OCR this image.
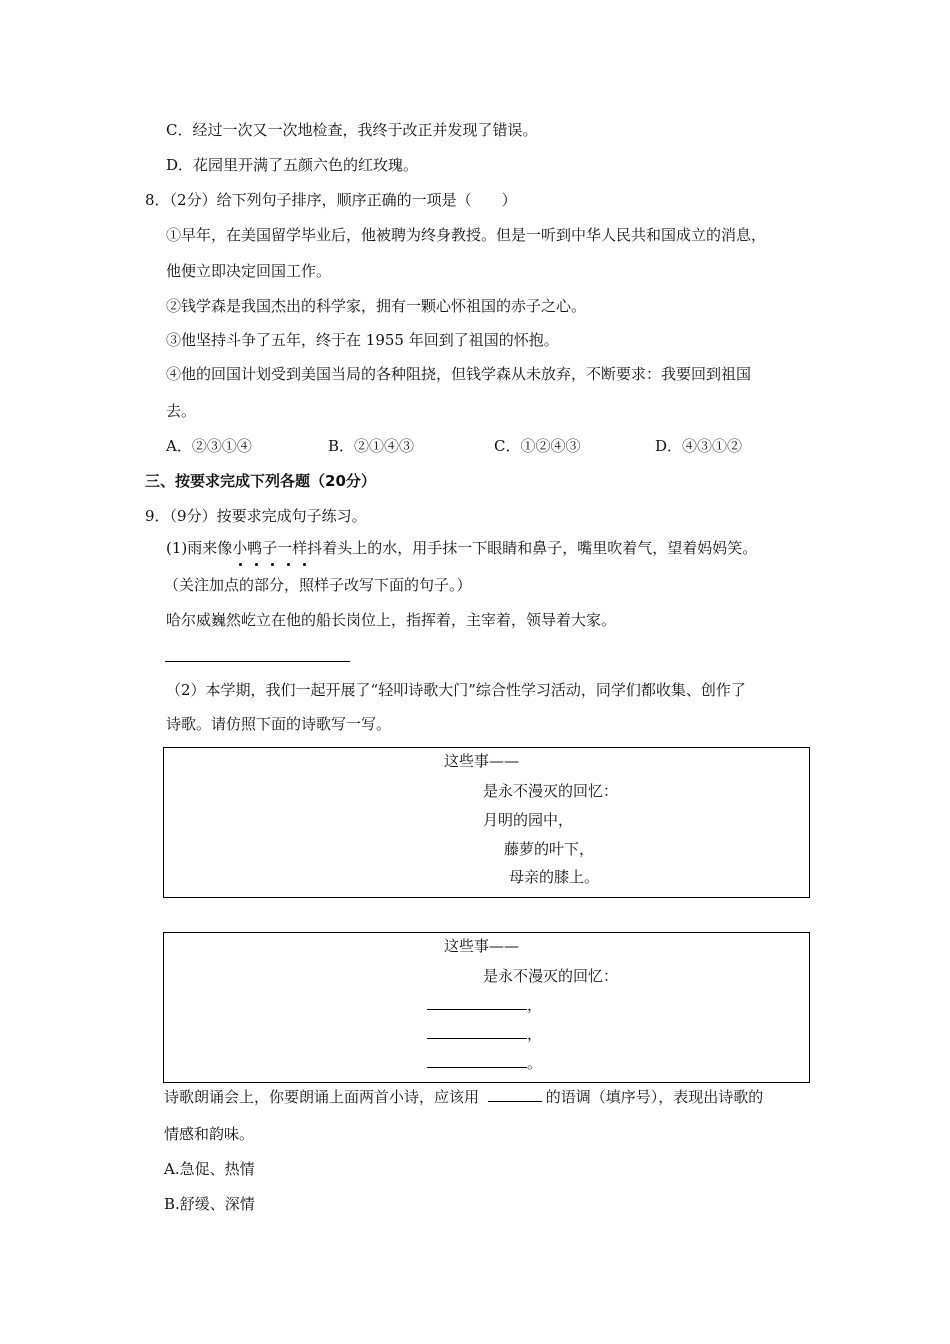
C．经过一次又一次地检查，我终于改正并发现了错误。
D．花园里开满了五颜六色的红玫瑰。
8．（2分）给下列句子排序，顺序正确的一项是（　　）
①早年，在美国留学毕业后，他被聘为终身教授。但是一听到中华人民共和国成立的消息，
他便立即决定回国工作。
②钱学森是我国杰出的科学家，拥有一颗心怀祖国的赤子之心。
③他坚持斗争了五年，终于在 1955 年回到了祖国的怀抱。
④他的回国计划受到美国当局的各种阻挠，但钱学森从未放弃，不断要求：我要回到祖国
去。
A．②③①④	B．②①④③	C．①②④③	D．④③①②
三、按要求完成下列各题（20分）
9．（9分）按要求完成句子练习。
(1)雨来像小鸭子一样抖着头上的水，用手抹一下眼睛和鼻子，嘴里吹着气，望着妈妈笑。
（关注加点的部分，照样子改写下面的句子。）
哈尔威巍然屹立在他的船长岗位上，指挥着，主宰着，领导着大家。
（2）本学期，我们一起开展了“轻叩诗歌大门”综合性学习活动，同学们都收集、创作了
诗歌。请仿照下面的诗歌写一写。
这些事——
是永不漫灭的回忆：
月明的园中，
藤萝的叶下，
母亲的膝上。
这些事——
是永不漫灭的回忆：
，
，
。
诗歌朗诵会上，你要朗诵上面两首小诗，应该用	的语调（填序号），表现出诗歌的
情感和韵味。
A.急促、热情
B.舒缓、深情
